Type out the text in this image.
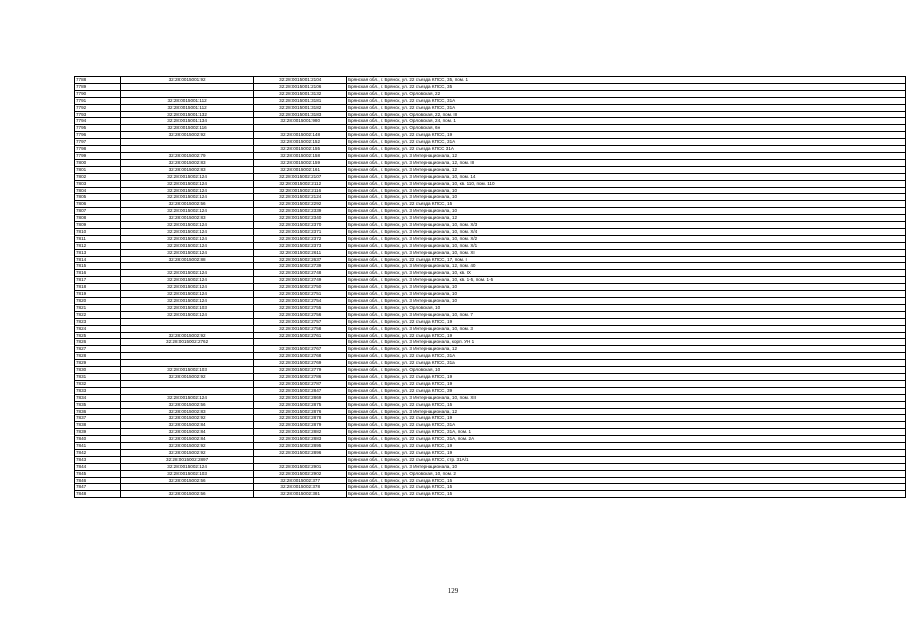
7788	32:28:0015001:92	32:28:0015001:2104	Брянская обл., г. Брянск, ул. 22 съезда КПСС, 35, пом. 1
7789		32:28:0015001:2106	Брянская обл., г. Брянск, ул. 22 съезда КПСС, 35
7790		32:28:0015001:3132	Брянская обл., г. Брянск, ул. Орловская, 22
7791	32:28:0015001:112	32:28:0015001:3181	Брянская обл., г. Брянск, ул. 22 съезда КПСС, 31А
7792	32:28:0015001:112	32:28:0015001:3182	Брянская обл., г. Брянск, ул. 22 съезда КПСС, 31А
7793	32:28:0015001:132	32:28:0015001:3183	Брянская обл., г. Брянск, ул. Орловская, 22, пом. III
7794	32:28:0015001:134	32:28:0015001:980	Брянская обл., г. Брянск, ул. Орловская, 24, пом. 1
7795	32:28:0015002:116		Брянская обл., г. Брянск, ул. Орловская, 6н
7796	32:28:0015002:92	32:28:0015002:148	Брянская обл., г. Брянск, ул. 22 съезда КПСС, 19
7797		32:28:0015002:152	Брянская обл., г. Брянск, ул. 22 съезда КПСС, 31А
7798		32:28:0015002:155	Брянская обл., г. Брянск, ул. 22 съезда КПСС 31А
7799	32:28:0015002:79	32:28:0015002:158	Брянская обл., г. Брянск, ул. 3 Интернационала, 12
7800	32:28:0015002:83	32:28:0015002:159	Брянская обл., г. Брянск, ул. 3 Интернационала, 12, пом. III
7801	32:28:0015002:83	32:28:0015002:161	Брянская обл., г. Брянск, ул. 3 Интернационала, 12
7802	32:28:0015002:124	32:28:0015002:2107	Брянская обл., г. Брянск, ул. 3 Интернационала, 10, пом. 14
7803	32:28:0015002:124	32:28:0015002:2112	Брянская обл., г. Брянск, ул. 3 Интернационала, 10, кв. 110, пом. 110
7804	32:28:0015002:124	32:28:0015002:2116	Брянская обл., г. Брянск, ул. 3 Интернационала, 10
7805	32:28:0015002:124	32:28:0015002:2124	Брянская обл., г. Брянск, ул. 3 Интернационала, 10
7806	32:28:0015002:56	32:28:0015002:2292	Брянская обл., г. Брянск, ул. 22 съезда КПСС, 15
7807	32:28:0015002:124	32:28:0015002:2339	Брянская обл., г. Брянск, ул. 3 Интернационала, 10
7808	32:28:0015002:83	32:28:0015002:2340	Брянская обл., г. Брянск, ул. 3 Интернационала, 12
7809	32:28:0015002:124	32:28:0015002:2370	Брянская обл., г. Брянск, ул. 3 Интернационала, 10, пом. X/3
7810	32:28:0015002:124	32:28:0015002:2371	Брянская обл., г. Брянск, ул. 3 Интернационала, 10, пом. X/4
7811	32:28:0015002:124	32:28:0015002:2372	Брянская обл., г. Брянск, ул. 3 Интернационала, 10, пом. X/2
7812	32:28:0015002:124	32:28:0015002:2373	Брянская обл., г. Брянск, ул. 3 Интернационала, 10, пом. X/1
7813	32:28:0015002:124	32:28:0015002:2611	Брянская обл., г. Брянск, ул. 3 Интернационала, 10, пом. XI
7814	32:28:0015002:88	32:28:0015002:2637	Брянская обл., г. Брянск, ул. 22 съезда КПСС, 17, пом. I
7815		32:28:0015002:2739	Брянская обл., г. Брянск, ул. 3 Интернационала, 12, пом. 40
7816	32:28:0015002:124	32:28:0015002:2748	Брянская обл., г. Брянск, ул. 3 Интернационала, 10, кв. IX
7817	32:28:0015002:124	32:28:0015002:2749	Брянская обл., г. Брянск, ул. 3 Интернационала, 10, кв. 1-5, пом. 1-5
7818	32:28:0015002:124	32:28:0015002:2750	Брянская обл., г. Брянск, ул. 3 Интернационала, 10
7819	32:28:0015002:124	32:28:0015002:2751	Брянская обл., г. Брянск, ул. 3 Интернационала, 10
7820	32:28:0015002:124	32:28:0015002:2754	Брянская обл., г. Брянск, ул. 3 Интернационала, 10
7821	32:28:0015002:103	32:28:0015002:2755	Брянская обл., г. Брянск, ул. Орловская, 10
7822	32:28:0015002:124	32:28:0015002:2756	Брянская обл., г. Брянск, ул. 3 Интернационала, 10, пом. 7
7823		32:28:0015002:2757	Брянская обл., г. Брянск, ул. 22 съезда КПСС, 19
7824		32:28:0015002:2758	Брянская обл., г. Брянск, ул. 3 Интернационала, 10, пом. 3
7825	32:28:0015002:92	32:28:0015002:2761	Брянская обл., г. Брянск, ул. 22 съезда КПСС, 19
7826	32:28:0015002:2762		Брянская обл., г. Брянск, ул. 3 Интернационала, корп. УН 1
7827		32:28:0015002:2767	Брянская обл., г. Брянск, ул. 3 Интернационала, 12
7828		32:28:0015002:2768	Брянская обл., г. Брянск, ул. 22 съезда КПСС, 31А
7829		32:28:0015002:2769	Брянская обл., г. Брянск, ул. 22 съезда КПСС, 31а
7830	32:28:0015002:103	32:28:0015002:2779	Брянская обл., г. Брянск, ул. Орловская, 10
7831	32:28:0015002:92	32:28:0015002:2786	Брянская обл., г. Брянск, ул. 22 съезда КПСС, 19
7832		32:28:0015002:2787	Брянская обл., г. Брянск, ул. 22 съезда КПСС, 19
7833		32:28:0015002:2847	Брянская обл., г. Брянск, ул. 22 съезда КПСС, 39
7834	32:28:0015002:124	32:28:0015002:2869	Брянская обл., г. Брянск, ул. 3 Интернационала, 10, пом. XII
7835	32:28:0015002:56	32:28:0015002:2875	Брянская обл., г. Брянск, ул. 22 съезда КПСС, 15
7836	32:28:0015002:83	32:28:0015002:2876	Брянская обл., г. Брянск, ул. 3 Интернационала, 12
7837	32:28:0015002:92	32:28:0015002:2878	Брянская обл., г. Брянск, ул. 22 съезда КПСС, 19
7838	32:28:0015002:84	32:28:0015002:2879	Брянская обл., г. Брянск, ул. 22 съезда КПСС, 31А
7839	32:28:0015002:84	32:28:0015002:2882	Брянская обл., г. Брянск, ул. 22 съезда КПСС, 31А, пом. 1
7840	32:28:0015002:84	32:28:0015002:2883	Брянская обл., г. Брянск, ул. 22 съезда КПСС, 31А, пом. 2А
7841	32:28:0015002:92	32:28:0015002:2895	Брянская обл., г. Брянск, ул. 22 съезда КПСС, 19
7842	32:28:0015002:92	32:28:0015002:2896	Брянская обл., г. Брянск, ул. 22 съезда КПСС, 19
7843	32:28:0015002:2897		Брянская обл., г. Брянск, ул. 22 съезда КПСС, стр. 31А/1
7844	32:28:0015002:124	32:28:0015002:2901	Брянская обл., г. Брянск, ул. 3 Интернационала, 10
7845	32:28:0015002:103	32:28:0015002:2902	Брянская обл., г. Брянск, ул. Орловская, 10, пом. 2
7846	32:28:0015002:56	32:28:0015002:377	Брянская обл., г. Брянск, ул. 22 съезда КПСС, 15
7847		32:28:0015002:378	Брянская обл., г. Брянск, ул. 22 съезда КПСС, 15
7848	32:28:0015002:56	32:28:0015002:381	Брянская обл., г. Брянск, ул. 22 съезда КПСС, 15
129
